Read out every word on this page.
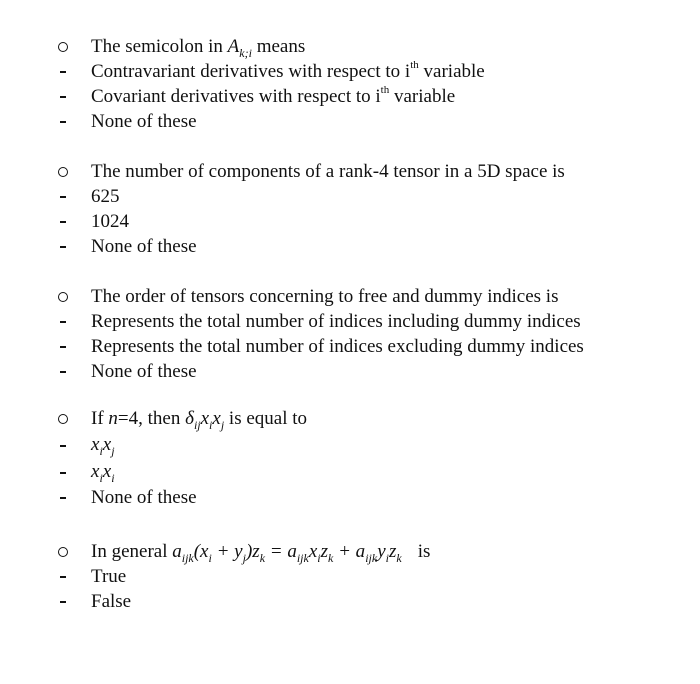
The semicolon in $A_{k;i}$ means
Contravariant derivatives with respect to $i^{th}$ variable
Covariant derivatives with respect to $i^{th}$ variable
None of these
The number of components of a rank-4 tensor in a 5D space is
625
1024
None of these
The order of tensors concerning to free and dummy indices is
Represents the total number of indices including dummy indices
Represents the total number of indices excluding dummy indices
None of these
If n=4, then $\delta_{ij}x_ix_j$ is equal to
$x_ix_j$
$x_ix_i$
None of these
In general $a_{ijk}(x_i + y_j)z_k = a_{ijk}x_iz_k + a_{ijk}y_iz_k$ is
True
False
